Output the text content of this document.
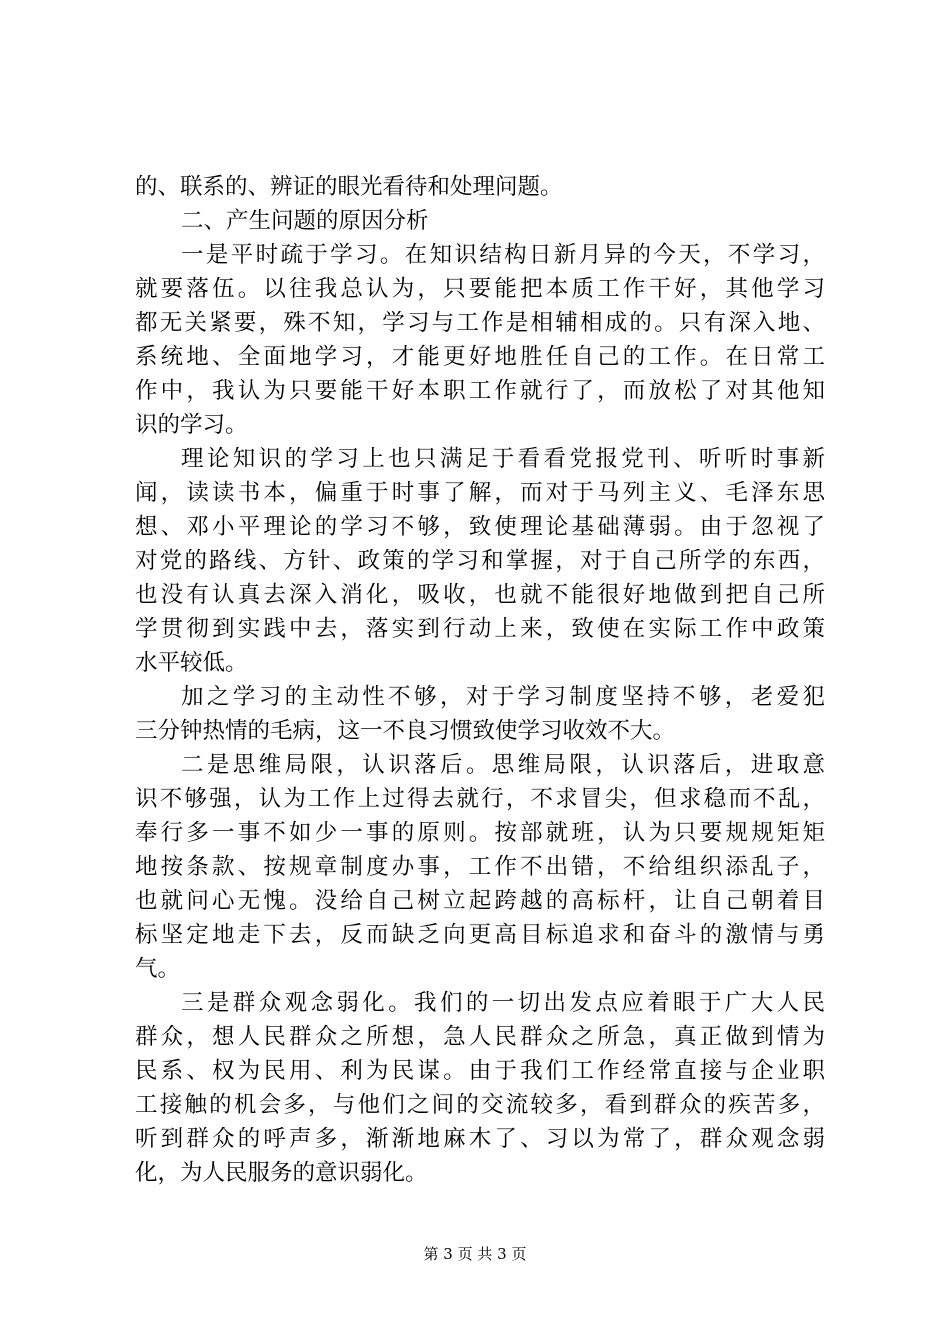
的、联系的、辨证的眼光看待和处理问题。
二、产生问题的原因分析
一是平时疏于学习。在知识结构日新月异的今天，不学习，
就要落伍。以往我总认为，只要能把本质工作干好，其他学习
都无关紧要，殊不知，学习与工作是相辅相成的。只有深入地、
系统地、全面地学习，才能更好地胜任自己的工作。在日常工
作中，我认为只要能干好本职工作就行了，而放松了对其他知
识的学习。
理论知识的学习上也只满足于看看党报党刊、听听时事新
闻，读读书本，偏重于时事了解，而对于马列主义、毛泽东思
想、邓小平理论的学习不够，致使理论基础薄弱。由于忽视了
对党的路线、方针、政策的学习和掌握，对于自己所学的东西，
也没有认真去深入消化，吸收，也就不能很好地做到把自己所
学贯彻到实践中去，落实到行动上来，致使在实际工作中政策
水平较低。
加之学习的主动性不够，对于学习制度坚持不够，老爱犯
三分钟热情的毛病，这一不良习惯致使学习收效不大。
二是思维局限，认识落后。思维局限，认识落后，进取意
识不够强，认为工作上过得去就行，不求冒尖，但求稳而不乱，
奉行多一事不如少一事的原则。按部就班，认为只要规规矩矩
地按条款、按规章制度办事，工作不出错，不给组织添乱子，
也就问心无愧。没给自己树立起跨越的高标杆，让自己朝着目
标坚定地走下去，反而缺乏向更高目标追求和奋斗的激情与勇
气。
三是群众观念弱化。我们的一切出发点应着眼于广大人民
群众，想人民群众之所想，急人民群众之所急，真正做到情为
民系、权为民用、利为民谋。由于我们工作经常直接与企业职
工接触的机会多，与他们之间的交流较多，看到群众的疾苦多，
听到群众的呼声多，渐渐地麻木了、习以为常了，群众观念弱
化，为人民服务的意识弱化。
第 3 页 共 3 页
